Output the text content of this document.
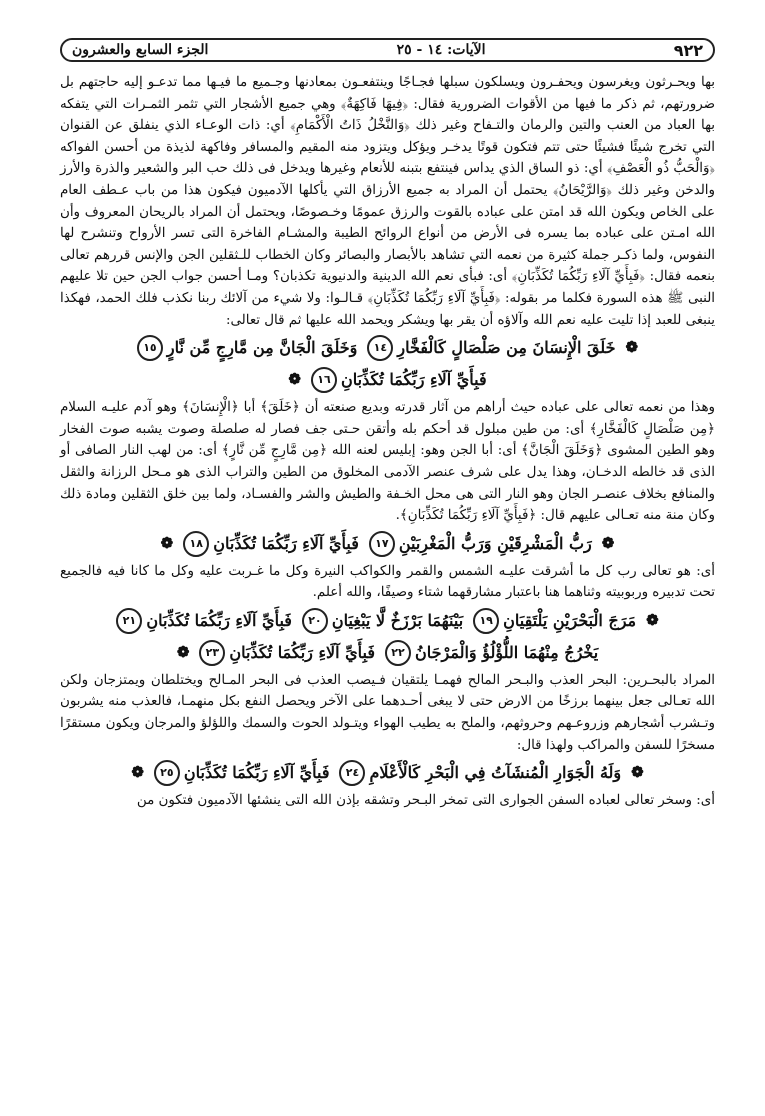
٩٢٢
الآيات: ١٤ - ٢٥
الجزء السابع والعشرون

بها ويحـرثون ويغرسون ويحفـرون ويسلكون سبلها فجـاجًا وينتفعـون بمعادنها وجـميع ما فيـها مما تدعـو إليه حاجتهم بل ضرورتهم، ثم ذكر ما فيها من الأقوات الضرورية فقال: ﴿فِيهَا فَاكِهَةٌ﴾ وهي جميع الأشجار التي تثمر الثمـرات التي يتفكه بها العباد من العنب والتين والرمان والتـفاح وغير ذلك ﴿وَالنَّخْلُ ذَاتُ الْأَكْمَامِ﴾ أي: ذات الوعـاء الذي ينفلق عن القنوان التي تخرج شيئًا فشيئًا حتى تتم فتكون قوتًا يدخـر ويؤكل ويتزود منه المقيم والمسافر وفاكهة لذيذة من أحسن الفواكه ﴿وَالْحَبُّ ذُو الْعَصْفِ﴾ أي: ذو الساق الذي يداس فينتفع بتبنه للأنعام وغيرها ويدخل فى ذلك حب البر والشعير والذرة والأرز والدخن وغير ذلك ﴿وَالرَّيْحَانُ﴾ يحتمل أن المراد به جميع الأرزاق التي يأكلها الآدميون فيكون هذا من باب عـطف العام على الخاص ويكون الله قد امتن على عباده بالقوت والرزق عمومًا وخـصوصًا، ويحتمل أن المراد بالريحان المعروف وأن الله امـتن على عباده بما يسره فى الأرض من أنواع الروائح الطيبة والمشـام الفاخرة التى تسر الأرواح وتنشرح لها النفوس، ولما ذكـر جملة كثيرة من نعمه التي تشاهد بالأبصار والبصائر وكان الخطاب للـثقلين الجن والإنس قررهم تعالى بنعمه فقال: ﴿فَبِأَيِّ آلَاءِ رَبِّكُمَا تُكَذِّبَانِ﴾ أى: فبأى نعم الله الدينية والدنيوية تكذبان؟ ومـا أحسن جواب الجن حين تلا عليهم النبى ﷺ هذه السورة فكلما مر بقوله: ﴿فَبِأَيِّ آلَاءِ رَبِّكُمَا تُكَذِّبَانِ﴾ قـالـوا: ولا شيء من آلائك ربنا نكذب فلك الحمد، فهكذا ينبغى للعبد إذا تليت عليه نعم الله وآلاؤه أن يقر بها ويشكر ويحمد الله عليها ثم قال تعالى:

❁
خَلَقَ الْإِنسَانَ مِن صَلْصَالٍ كَالْفَخَّارِ
١٤
وَخَلَقَ الْجَانَّ مِن مَّارِجٍ مِّن نَّارٍ
١٥
فَبِأَيِّ آلَاءِ رَبِّكُمَا تُكَذِّبَانِ
١٦
❁

وهذا من نعمه تعالى على عباده حيث أراهم من آثار قدرته وبديع صنعته أن ﴿خَلَقَ﴾ أبا ﴿الْإِنسَانَ﴾ وهو آدم عليـه السلام ﴿مِن صَلْصَالٍ كَالْفَخَّارِ﴾ أى: من طين مبلول قد أحكم بله وأتقن حـتى جف فصار له صلصلة وصوت يشبه صوت الفخار وهو الطين المشوى ﴿وَخَلَقَ الْجَانَّ﴾ أى: أبا الجن وهو: إبليس لعنه الله ﴿مِن مَّارِجٍ مِّن نَّارٍ﴾ أى: من لهب النار الصافى أو الذى قد خالطه الدخـان، وهذا يدل على شرف عنصر الآدمى المخلوق من الطين والتراب الذى هو مـحل الرزانة والثقل والمنافع بخلاف عنصـر الجان وهو النار التى هى محل الخـفة والطيش والشر والفسـاد، ولما بين خلق الثقلين ومادة ذلك وكان منة منه تعـالى عليهم قال: ﴿فَبِأَيِّ آلَاءِ رَبِّكُمَا تُكَذِّبَانِ﴾.

❁
رَبُّ الْمَشْرِقَيْنِ وَرَبُّ الْمَغْرِبَيْنِ
١٧
فَبِأَيِّ آلَاءِ رَبِّكُمَا تُكَذِّبَانِ
١٨
❁

أى: هو تعالى رب كل ما أشرقت عليـه الشمس والقمر والكواكب النيرة وكل ما غـربت عليه وكل ما كانا فيه فالجميع تحت تدبيره وربوبيته وثناهما هنا باعتبار مشارقهما شتاء وصيفًا، والله أعلم.

❁
مَرَجَ الْبَحْرَيْنِ يَلْتَقِيَانِ
١٩
بَيْنَهُمَا بَرْزَخٌ لَّا يَبْغِيَانِ
٢٠
فَبِأَيِّ آلَاءِ رَبِّكُمَا تُكَذِّبَانِ
٢١
يَخْرُجُ مِنْهُمَا اللُّؤْلُؤُ وَالْمَرْجَانُ
٢٢
فَبِأَيِّ آلَاءِ رَبِّكُمَا تُكَذِّبَانِ
٢٣
❁

المراد بالبحـرين: البحر العذب والبـحر المالح فهمـا يلتقيان فـيصب العذب فى البحر المـالح ويختلطان ويمتزجان ولكن الله تعـالى جعل بينهما برزخًا من الارض حتى لا يبغى أحـدهما على الآخر ويحصل النفع بكل منهمـا، فالعذب منه يشربون وتـشرب أشجارهم وزروعـهم وحروثهم، والملح به يطيب الهواء ويتـولد الحوت والسمك واللؤلؤ والمرجان ويكون مستقرًا مسخرًا للسفن والمراكب ولهذا قال:

❁
وَلَهُ الْجَوَارِ الْمُنشَآتُ فِي الْبَحْرِ كَالْأَعْلَامِ
٢٤
فَبِأَيِّ آلَاءِ رَبِّكُمَا تُكَذِّبَانِ
٢٥
❁

أى: وسخر تعالى لعباده السفن الجوارى التى تمخر البـحر وتشقه بإذن الله التى ينشئها الآدميون فتكون من
